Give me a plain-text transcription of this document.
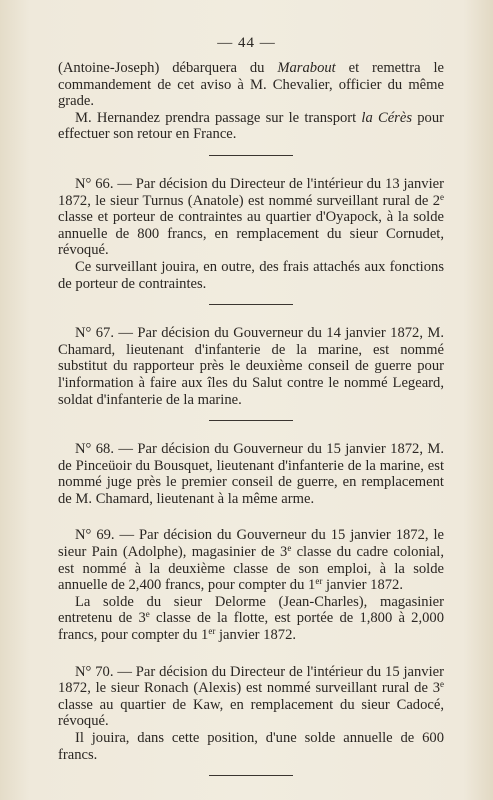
— 44 —

(Antoine-Joseph) débarquera du Marabout et remettra le commandement de cet aviso à M. Chevalier, officier du même grade.

M. Hernandez prendra passage sur le transport la Cérès pour effectuer son retour en France.

N° 66. — Par décision du Directeur de l'intérieur du 13 janvier 1872, le sieur Turnus (Anatole) est nommé surveillant rural de 2e classe et porteur de contraintes au quartier d'Oyapock, à la solde annuelle de 800 francs, en remplacement du sieur Cornudet, révoqué.

Ce surveillant jouira, en outre, des frais attachés aux fonctions de porteur de contraintes.

N° 67. — Par décision du Gouverneur du 14 janvier 1872, M. Chamard, lieutenant d'infanterie de la marine, est nommé substitut du rapporteur près le deuxième conseil de guerre pour l'information à faire aux îles du Salut contre le nommé Legeard, soldat d'infanterie de la marine.

N° 68. — Par décision du Gouverneur du 15 janvier 1872, M. de Pinceüoir du Bousquet, lieutenant d'infanterie de la marine, est nommé juge près le premier conseil de guerre, en remplacement de M. Chamard, lieutenant à la même arme.

N° 69. — Par décision du Gouverneur du 15 janvier 1872, le sieur Pain (Adolphe), magasinier de 3e classe du cadre colonial, est nommé à la deuxième classe de son emploi, à la solde annuelle de 2,400 francs, pour compter du 1er janvier 1872.

La solde du sieur Delorme (Jean-Charles), magasinier entretenu de 3e classe de la flotte, est portée de 1,800 à 2,000 francs, pour compter du 1er janvier 1872.

N° 70. — Par décision du Directeur de l'intérieur du 15 janvier 1872, le sieur Ronach (Alexis) est nommé surveillant rural de 3e classe au quartier de Kaw, en remplacement du sieur Cadocé, révoqué.

Il jouira, dans cette position, d'une solde annuelle de 600 francs.
